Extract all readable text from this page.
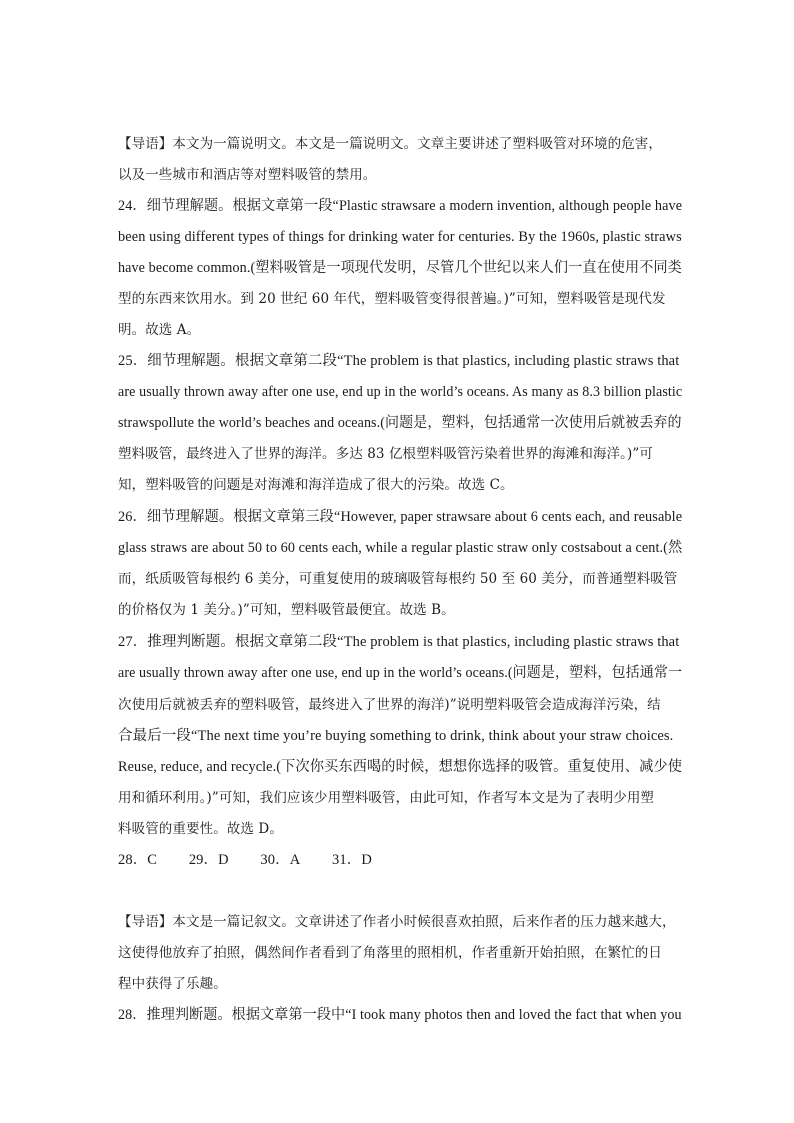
【导语】本文为一篇说明文。本文是一篇说明文。文章主要讲述了塑料吸管对环境的危害，
以及一些城市和酒店等对塑料吸管的禁用。
24．细节理解题。根据文章第一段“Plastic strawsare a modern invention, although people have
been using different types of things for drinking water for centuries. By the 1960s, plastic straws
have become common.(塑料吸管是一项现代发明，尽管几个世纪以来人们一直在使用不同类
型的东西来饮用水。到 20 世纪 60 年代，塑料吸管变得很普遍。)”可知，塑料吸管是现代发
明。故选 A。
25．细节理解题。根据文章第二段“The problem is that plastics, including plastic straws that
are usually thrown away after one use, end up in the world’s oceans. As many as 8.3 billion plastic
strawspollute the world’s beaches and oceans.(问题是，塑料，包括通常一次使用后就被丢弃的
塑料吸管，最终进入了世界的海洋。多达 83 亿根塑料吸管污染着世界的海滩和海洋。)”可
知，塑料吸管的问题是对海滩和海洋造成了很大的污染。故选 C。
26．细节理解题。根据文章第三段“However, paper strawsare about 6 cents each, and reusable
glass straws are about 50 to 60 cents each, while a regular plastic straw only costsabout a cent.(然
而，纸质吸管每根约 6 美分，可重复使用的玻璃吸管每根约 50 至 60 美分，而普通塑料吸管
的价格仅为 1 美分。)”可知，塑料吸管最便宜。故选 B。
27．推理判断题。根据文章第二段“The problem is that plastics, including plastic straws that
are usually thrown away after one use, end up in the world’s oceans.(问题是，塑料，包括通常一
次使用后就被丢弃的塑料吸管，最终进入了世界的海洋)”说明塑料吸管会造成海洋污染，结
合最后一段“The next time you’re buying something to drink, think about your straw choices.
Reuse, reduce, and recycle.(下次你买东西喝的时候，想想你选择的吸管。重复使用、减少使
用和循环利用。)”可知，我们应该少用塑料吸管，由此可知，作者写本文是为了表明少用塑
料吸管的重要性。故选 D。
28．C 29．D 30．A 31．D
【导语】本文是一篇记叙文。文章讲述了作者小时候很喜欢拍照，后来作者的压力越来越大，
这使得他放弃了拍照，偶然间作者看到了角落里的照相机，作者重新开始拍照，在繁忙的日
程中获得了乐趣。
28．推理判断题。根据文章第一段中“I took many photos then and loved the fact that when you
